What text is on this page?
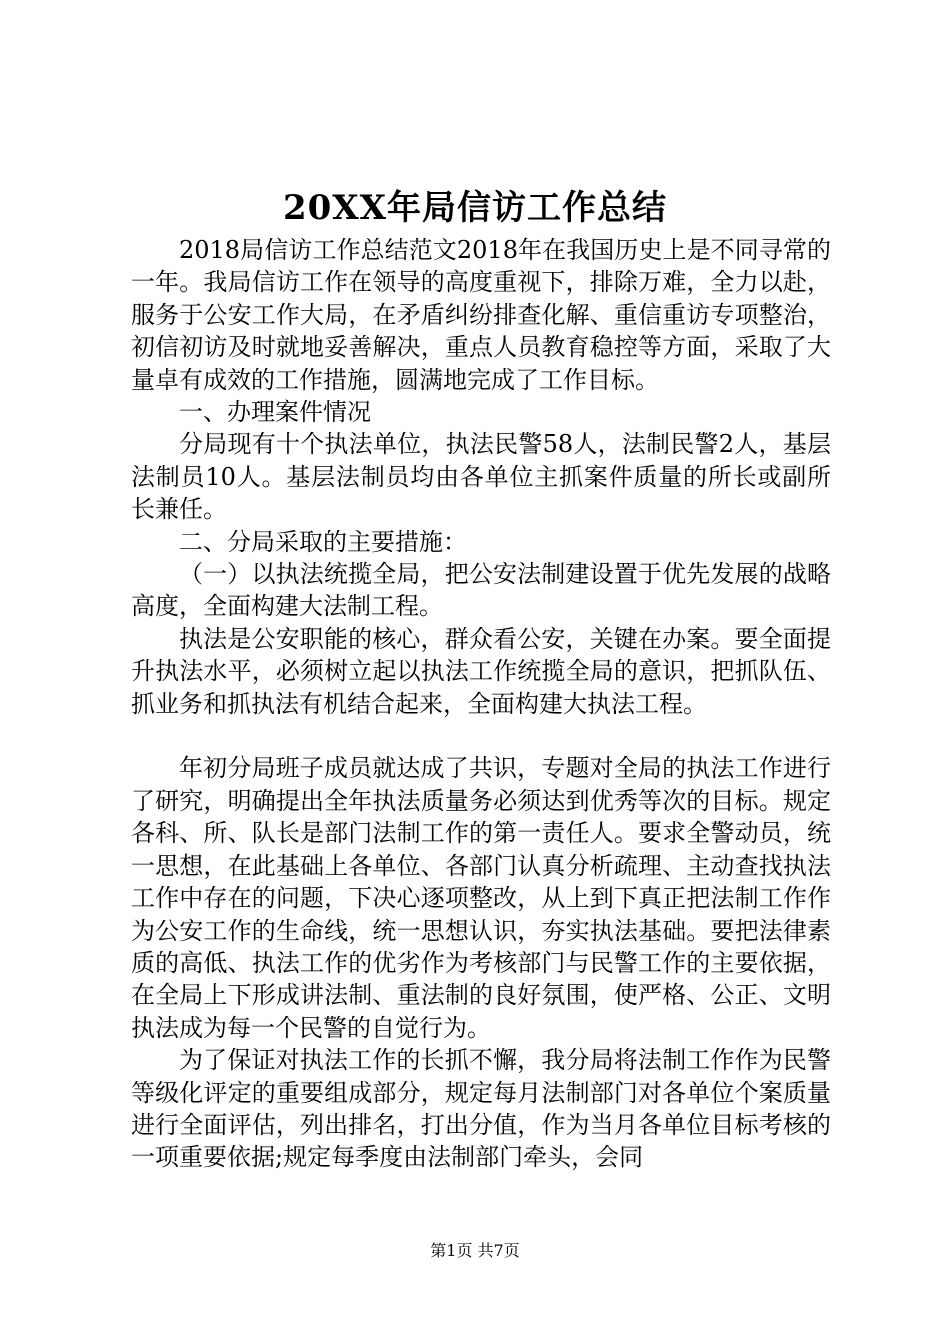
20XX年局信访工作总结

2018局信访工作总结范文2018年在我国历史上是不同寻常的一年。我局信访工作在领导的高度重视下，排除万难，全力以赴，服务于公安工作大局，在矛盾纠纷排查化解、重信重访专项整治，初信初访及时就地妥善解决，重点人员教育稳控等方面，采取了大量卓有成效的工作措施，圆满地完成了工作目标。

一、办理案件情况

分局现有十个执法单位，执法民警58人，法制民警2人，基层法制员10人。基层法制员均由各单位主抓案件质量的所长或副所长兼任。

二、分局采取的主要措施：

（一）以执法统揽全局，把公安法制建设置于优先发展的战略高度，全面构建大法制工程。

执法是公安职能的核心，群众看公安，关键在办案。要全面提升执法水平，必须树立起以执法工作统揽全局的意识，把抓队伍、抓业务和抓执法有机结合起来，全面构建大执法工程。

年初分局班子成员就达成了共识，专题对全局的执法工作进行了研究，明确提出全年执法质量务必须达到优秀等次的目标。规定各科、所、队长是部门法制工作的第一责任人。要求全警动员，统一思想，在此基础上各单位、各部门认真分析疏理、主动查找执法工作中存在的问题，下决心逐项整改，从上到下真正把法制工作作为公安工作的生命线，统一思想认识，夯实执法基础。要把法律素质的高低、执法工作的优劣作为考核部门与民警工作的主要依据，在全局上下形成讲法制、重法制的良好氛围，使严格、公正、文明执法成为每一个民警的自觉行为。

为了保证对执法工作的长抓不懈，我分局将法制工作作为民警等级化评定的重要组成部分，规定每月法制部门对各单位个案质量进行全面评估，列出排名，打出分值，作为当月各单位目标考核的一项重要依据;规定每季度由法制部门牵头，会同

第1页 共7页
